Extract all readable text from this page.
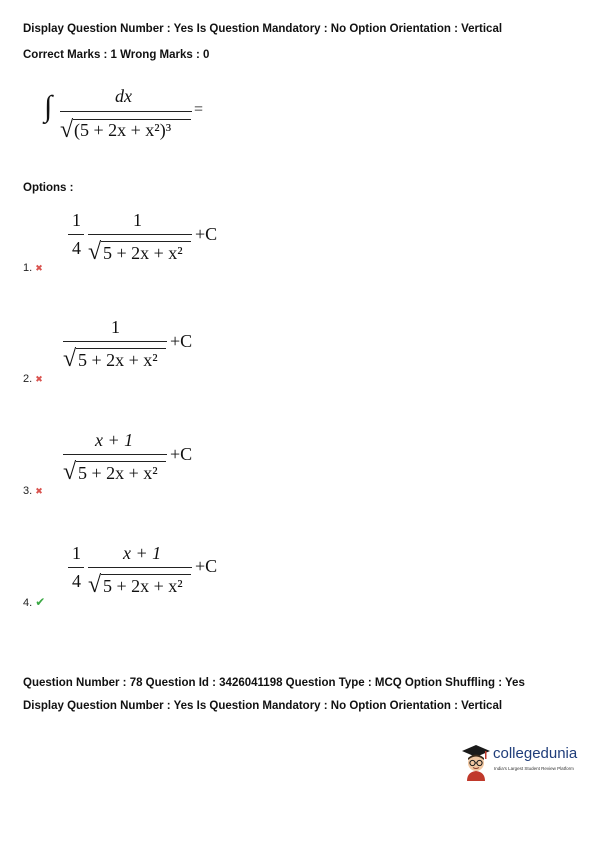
Display Question Number : Yes Is Question Mandatory : No Option Orientation : Vertical
Correct Marks : 1 Wrong Marks : 0
∫	dx
√ (5 + 2x + x²)³
=
Options :
1
4
1
√ 5 + 2x + x²
+C
1. ✖
1
√ 5 + 2x + x²
+C
2. ✖
x + 1
√ 5 + 2x + x²
+C
3. ✖
1
4
x + 1
√ 5 + 2x + x²
+C
4. ✔
Question Number : 78 Question Id : 3426041198 Question Type : MCQ Option Shuffling : Yes
Display Question Number : Yes Is Question Mandatory : No Option Orientation : Vertical
collegedunia
India's Largest Student Review Platform
